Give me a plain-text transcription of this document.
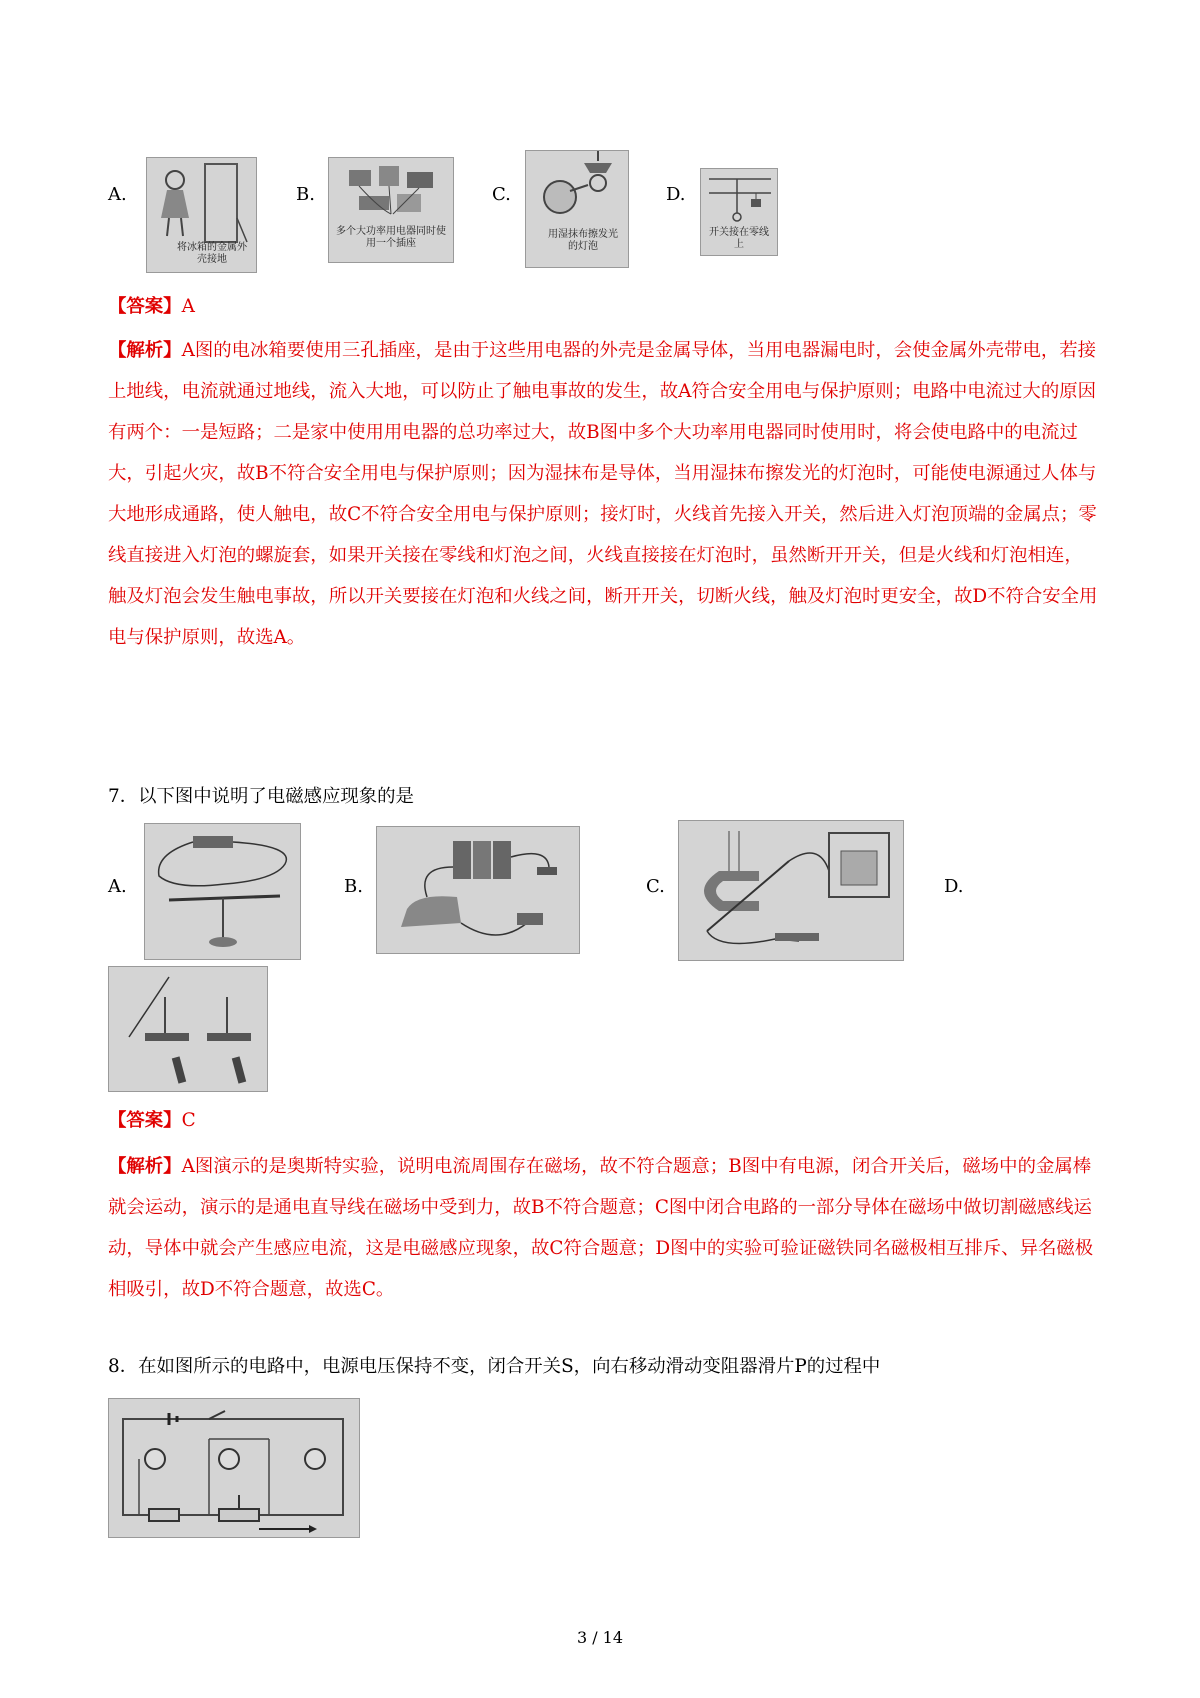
A.
将冰箱的金属外壳接地
B.
多个大功率用电器同时使用一个插座
C.
用湿抹布擦发光的灯泡
D.
开关接在零线上
【答案】A
【解析】A图的电冰箱要使用三孔插座，是由于这些用电器的外壳是金属导体，当用电器漏电时，会使金属外壳带电，若接上地线，电流就通过地线，流入大地，可以防止了触电事故的发生，故A符合安全用电与保护原则；电路中电流过大的原因有两个：一是短路；二是家中使用用电器的总功率过大，故B图中多个大功率用电器同时使用时，将会使电路中的电流过大，引起火灾，故B不符合安全用电与保护原则；因为湿抹布是导体，当用湿抹布擦发光的灯泡时，可能使电源通过人体与大地形成通路，使人触电，故C不符合安全用电与保护原则；接灯时，火线首先接入开关，然后进入灯泡顶端的金属点；零线直接进入灯泡的螺旋套，如果开关接在零线和灯泡之间，火线直接接在灯泡时，虽然断开开关，但是火线和灯泡相连，触及灯泡会发生触电事故，所以开关要接在灯泡和火线之间，断开开关，切断火线，触及灯泡时更安全，故D不符合安全用电与保护原则，故选A。
7．以下图中说明了电磁感应现象的是
A.	B.	C.	D.
【答案】C
【解析】A图演示的是奥斯特实验，说明电流周围存在磁场，故不符合题意；B图中有电源，闭合开关后，磁场中的金属棒就会运动，演示的是通电直导线在磁场中受到力，故B不符合题意；C图中闭合电路的一部分导体在磁场中做切割磁感线运动，导体中就会产生感应电流，这是电磁感应现象，故C符合题意；D图中的实验可验证磁铁同名磁极相互排斥、异名磁极相吸引，故D不符合题意，故选C。
8．在如图所示的电路中，电源电压保持不变，闭合开关S，向右移动滑动变阻器滑片P的过程中
3 / 14
